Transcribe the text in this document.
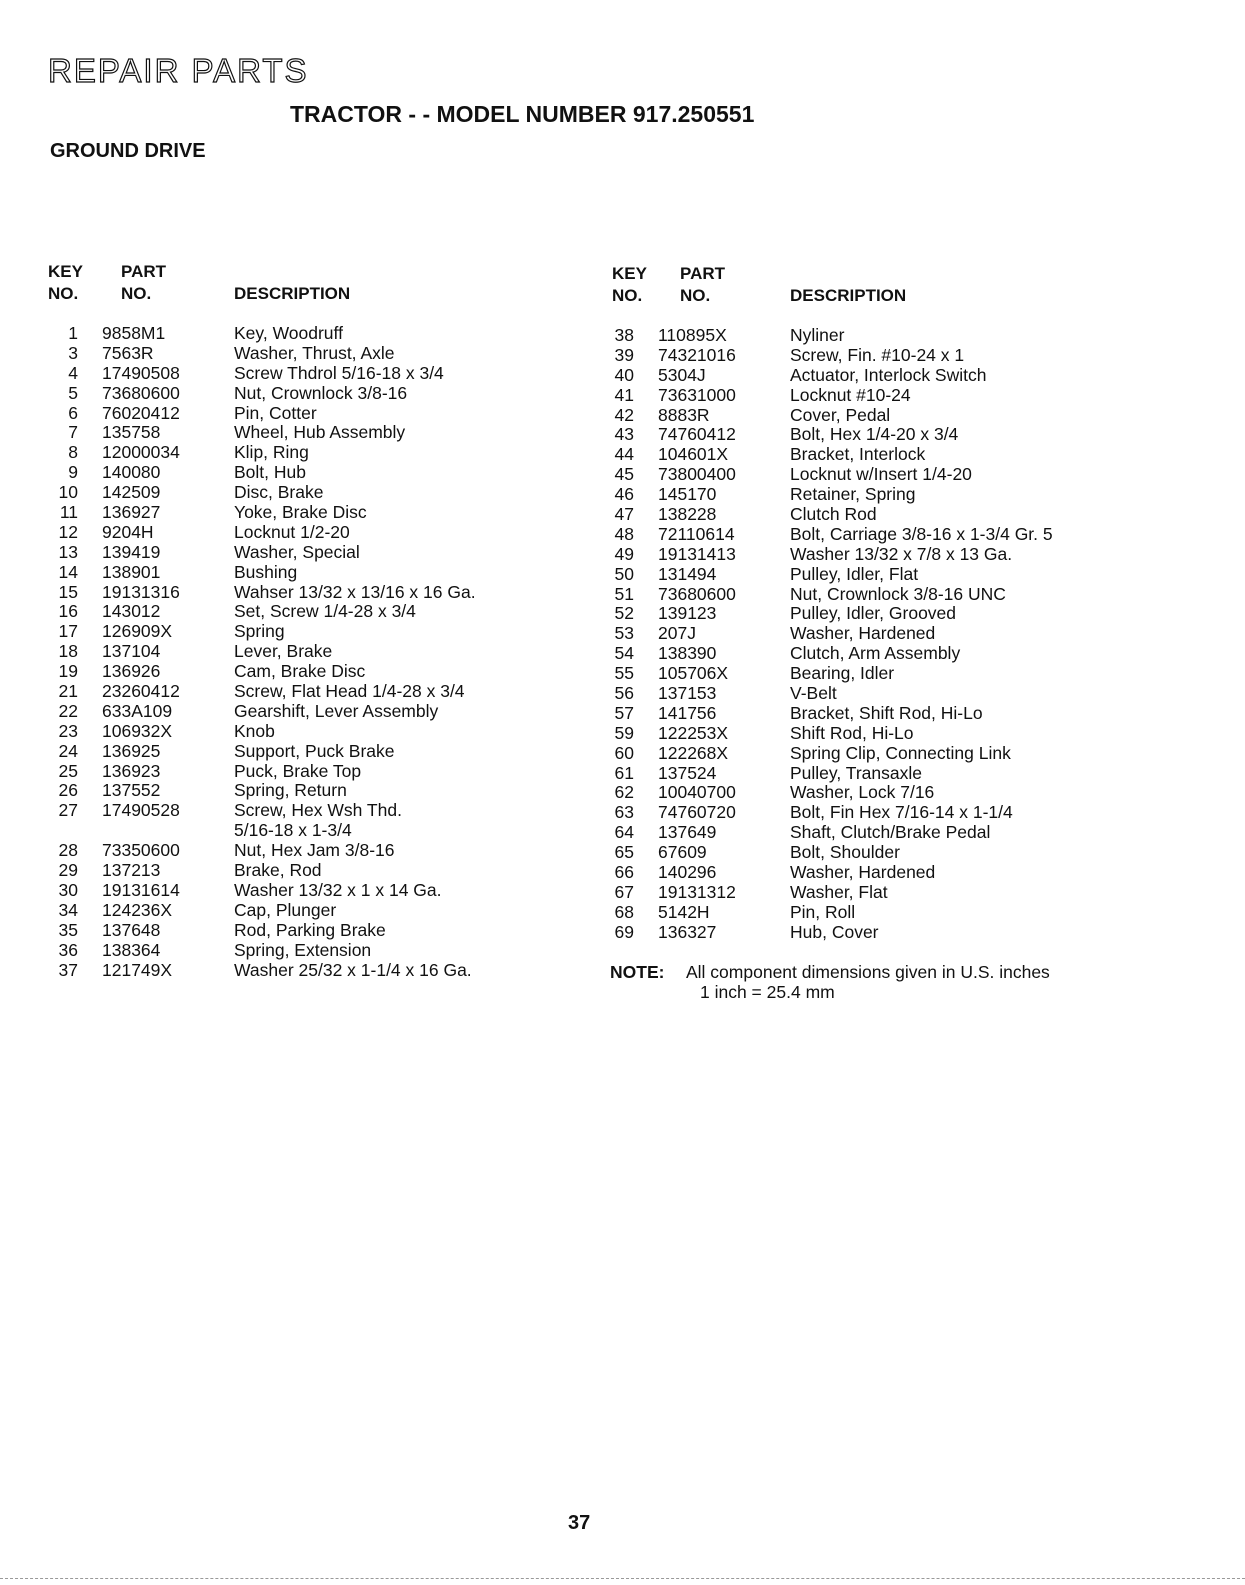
REPAIR PARTS
TRACTOR - - MODEL NUMBER 917.250551
GROUND DRIVE
KEY
NO.
PART
NO.	DESCRIPTION
1 9858M1	Key, Woodruff
3 7563R	Washer, Thrust, Axle
4 17490508	Screw Thdrol 5/16-18 x 3/4
5 73680600	Nut, Crownlock 3/8-16
6 76020412	Pin, Cotter
7 135758	Wheel, Hub Assembly
8 12000034	Klip, Ring
9 140080	Bolt, Hub
10 142509	Disc, Brake
11 136927	Yoke, Brake Disc
12 9204H	Locknut 1/2-20
13 139419	Washer, Special
14 138901	Bushing
15 19131316	Wahser 13/32 x 13/16 x 16 Ga.
16 143012	Set, Screw 1/4-28 x 3/4
17 126909X	Spring
18 137104	Lever, Brake
19 136926	Cam, Brake Disc
21 23260412	Screw, Flat Head 1/4-28 x 3/4
22 633A109	Gearshift, Lever Assembly
23 106932X	Knob
24 136925	Support, Puck Brake
25 136923	Puck, Brake Top
26 137552	Spring, Return
27 17490528	Screw, Hex Wsh Thd.
5/16-18 x 1-3/4
28 73350600	Nut, Hex Jam 3/8-16
29 137213	Brake, Rod
30 19131614	Washer 13/32 x 1 x 14 Ga.
34 124236X	Cap, Plunger
35 137648	Rod, Parking Brake
36 138364	Spring, Extension
37 121749X	Washer 25/32 x 1-1/4 x 16 Ga.
KEY
NO.
PART
NO.	DESCRIPTION
38 110895X	Nyliner
39 74321016	Screw, Fin. #10-24 x 1
40 5304J	Actuator, Interlock Switch
41 73631000	Locknut #10-24
42 8883R	Cover, Pedal
43 74760412	Bolt, Hex 1/4-20 x 3/4
44 104601X	Bracket, Interlock
45 73800400	Locknut w/Insert 1/4-20
46 145170	Retainer, Spring
47 138228	Clutch Rod
48 72110614	Bolt, Carriage 3/8-16 x 1-3/4 Gr. 5
49 19131413	Washer 13/32 x 7/8 x 13 Ga.
50 131494	Pulley, Idler, Flat
51 73680600	Nut, Crownlock 3/8-16 UNC
52 139123	Pulley, Idler, Grooved
53 207J	Washer, Hardened
54 138390	Clutch, Arm Assembly
55 105706X	Bearing, Idler
56 137153	V-Belt
57 141756	Bracket, Shift Rod, Hi-Lo
59 122253X	Shift Rod, Hi-Lo
60 122268X	Spring Clip, Connecting Link
61 137524	Pulley, Transaxle
62 10040700	Washer, Lock 7/16
63 74760720	Bolt, Fin Hex 7/16-14 x 1-1/4
64 137649	Shaft, Clutch/Brake Pedal
65 67609	Bolt, Shoulder
66 140296	Washer, Hardened
67 19131312	Washer, Flat
68 5142H	Pin, Roll
69 136327	Hub, Cover
NOTE: All component dimensions given in U.S. inches
1 inch = 25.4 mm
37
